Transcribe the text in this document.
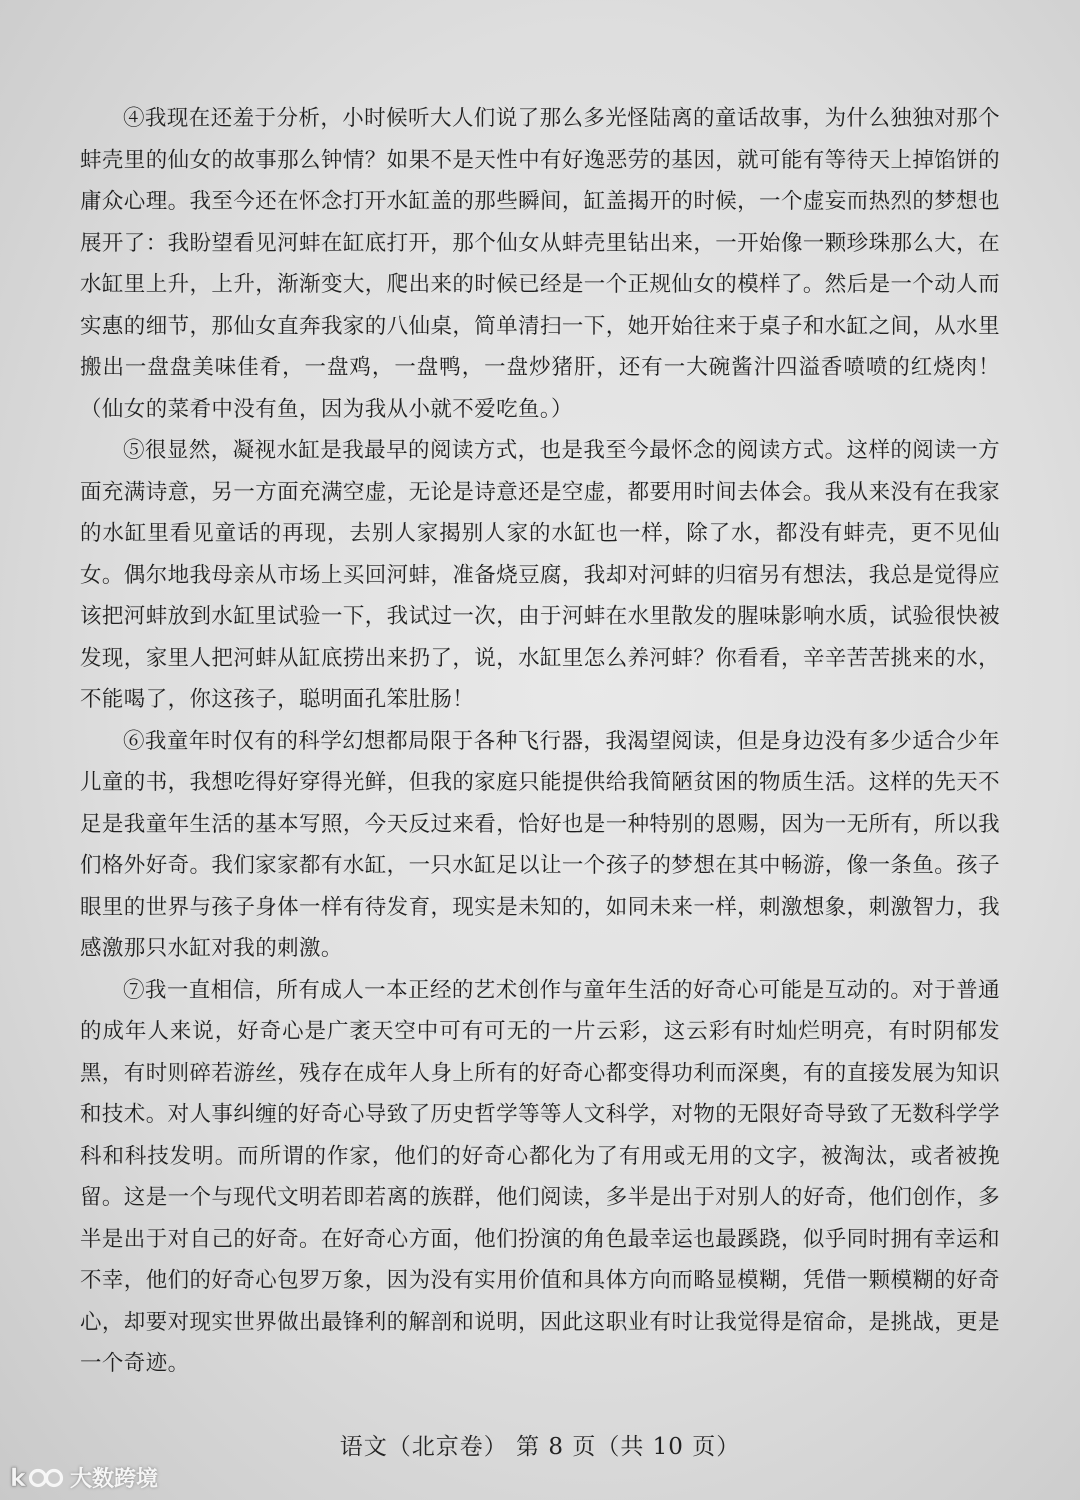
④我现在还羞于分析，小时候听大人们说了那么多光怪陆离的童话故事，为什么独独对那个蚌壳里的仙女的故事那么钟情？如果不是天性中有好逸恶劳的基因，就可能有等待天上掉馅饼的庸众心理。我至今还在怀念打开水缸盖的那些瞬间，缸盖揭开的时候，一个虚妄而热烈的梦想也展开了：我盼望看见河蚌在缸底打开，那个仙女从蚌壳里钻出来，一开始像一颗珍珠那么大，在水缸里上升，上升，渐渐变大，爬出来的时候已经是一个正规仙女的模样了。然后是一个动人而实惠的细节，那仙女直奔我家的八仙桌，简单清扫一下，她开始往来于桌子和水缸之间，从水里搬出一盘盘美味佳肴，一盘鸡，一盘鸭，一盘炒猪肝，还有一大碗酱汁四溢香喷喷的红烧肉！（仙女的菜肴中没有鱼，因为我从小就不爱吃鱼。）

⑤很显然，凝视水缸是我最早的阅读方式，也是我至今最怀念的阅读方式。这样的阅读一方面充满诗意，另一方面充满空虚，无论是诗意还是空虚，都要用时间去体会。我从来没有在我家的水缸里看见童话的再现，去别人家揭别人家的水缸也一样，除了水，都没有蚌壳，更不见仙女。偶尔地我母亲从市场上买回河蚌，准备烧豆腐，我却对河蚌的归宿另有想法，我总是觉得应该把河蚌放到水缸里试验一下，我试过一次，由于河蚌在水里散发的腥味影响水质，试验很快被发现，家里人把河蚌从缸底捞出来扔了，说，水缸里怎么养河蚌？你看看，辛辛苦苦挑来的水，不能喝了，你这孩子，聪明面孔笨肚肠！

⑥我童年时仅有的科学幻想都局限于各种飞行器，我渴望阅读，但是身边没有多少适合少年儿童的书，我想吃得好穿得光鲜，但我的家庭只能提供给我简陋贫困的物质生活。这样的先天不足是我童年生活的基本写照，今天反过来看，恰好也是一种特别的恩赐，因为一无所有，所以我们格外好奇。我们家家都有水缸，一只水缸足以让一个孩子的梦想在其中畅游，像一条鱼。孩子眼里的世界与孩子身体一样有待发育，现实是未知的，如同未来一样，刺激想象，刺激智力，我感激那只水缸对我的刺激。

⑦我一直相信，所有成人一本正经的艺术创作与童年生活的好奇心可能是互动的。对于普通的成年人来说，好奇心是广袤天空中可有可无的一片云彩，这云彩有时灿烂明亮，有时阴郁发黑，有时则碎若游丝，残存在成年人身上所有的好奇心都变得功利而深奥，有的直接发展为知识和技术。对人事纠缠的好奇心导致了历史哲学等等人文科学，对物的无限好奇导致了无数科学学科和科技发明。而所谓的作家，他们的好奇心都化为了有用或无用的文字，被淘汰，或者被挽留。这是一个与现代文明若即若离的族群，他们阅读，多半是出于对别人的好奇，他们创作，多半是出于对自己的好奇。在好奇心方面，他们扮演的角色最幸运也最蹊跷，似乎同时拥有幸运和不幸，他们的好奇心包罗万象，因为没有实用价值和具体方向而略显模糊，凭借一颗模糊的好奇心，却要对现实世界做出最锋利的解剖和说明，因此这职业有时让我觉得是宿命，是挑战，更是一个奇迹。

语文（北京卷） 第 8 页（共 10 页）
k 大数跨境
